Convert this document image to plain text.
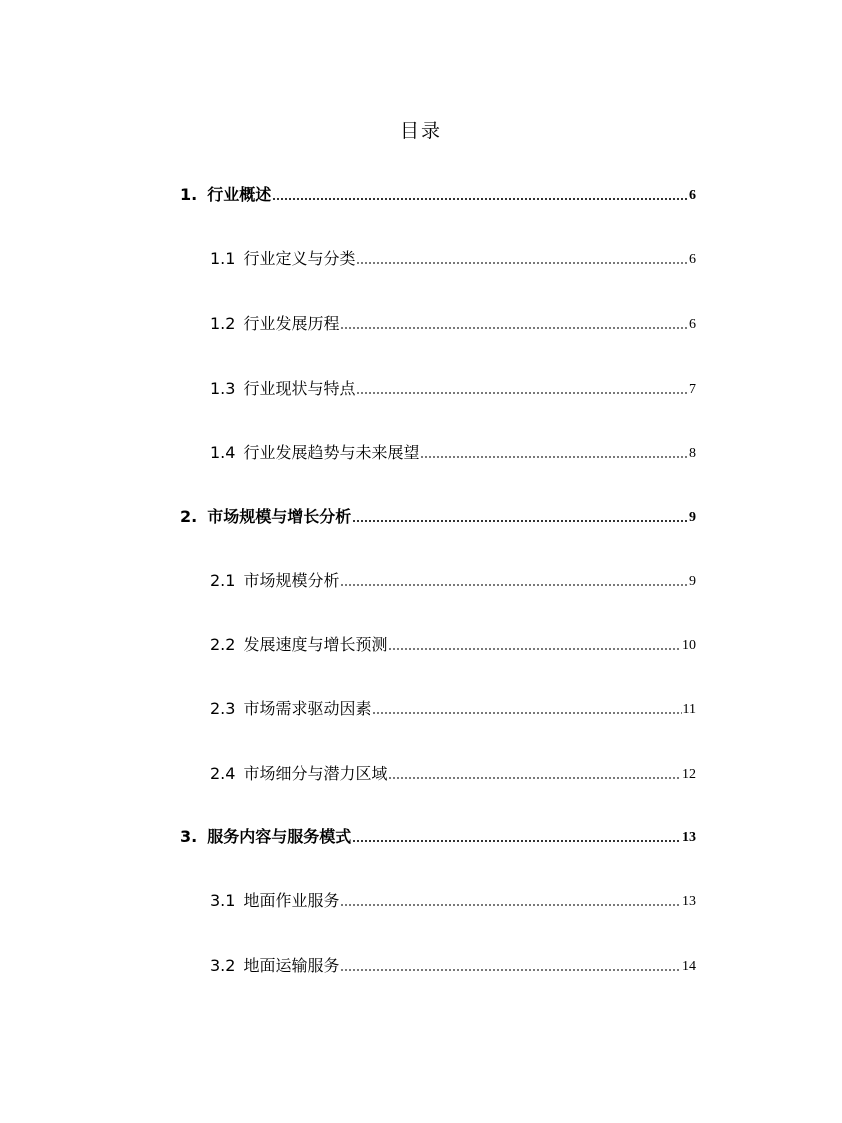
目录
1. 行业概述	6
1.1 行业定义与分类	6
1.2 行业发展历程	6
1.3 行业现状与特点	7
1.4 行业发展趋势与未来展望	8
2. 市场规模与增长分析	9
2.1 市场规模分析	9
2.2 发展速度与增长预测	10
2.3 市场需求驱动因素	11
2.4 市场细分与潜力区域	12
3. 服务内容与服务模式	13
3.1 地面作业服务	13
3.2 地面运输服务	14
